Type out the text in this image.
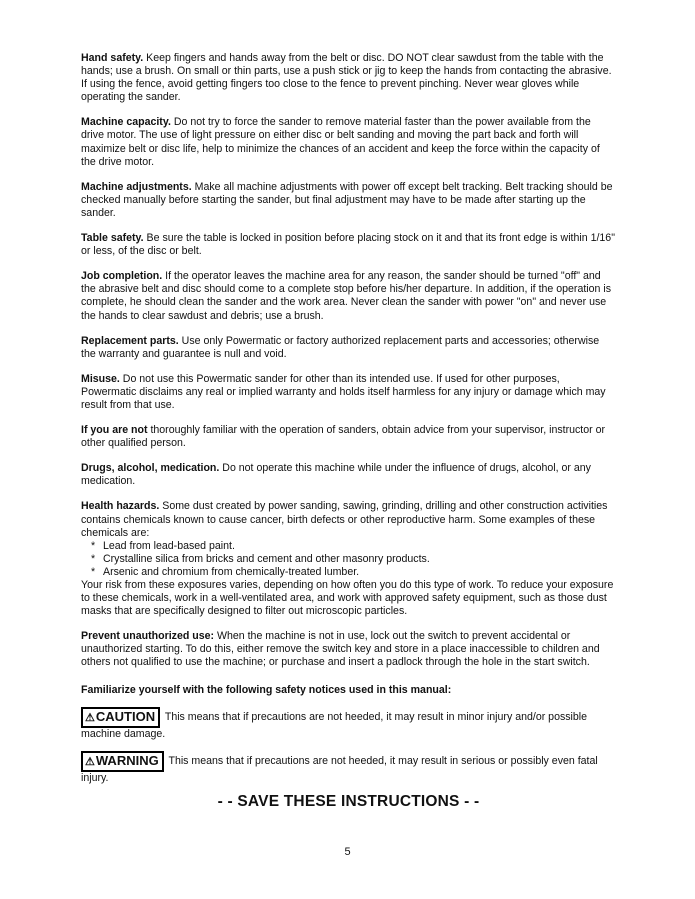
Hand safety. Keep fingers and hands away from the belt or disc. DO NOT clear sawdust from the table with the hands; use a brush. On small or thin parts, use a push stick or jig to keep the hands from contacting the abrasive. If using the fence, avoid getting fingers too close to the fence to prevent pinching. Never wear gloves while operating the sander.

Machine capacity. Do not try to force the sander to remove material faster than the power available from the drive motor. The use of light pressure on either disc or belt sanding and moving the part back and forth will maximize belt or disc life, help to minimize the chances of an accident and keep the force within the capacity of the drive motor.

Machine adjustments. Make all machine adjustments with power off except belt tracking. Belt tracking should be checked manually before starting the sander, but final adjustment may have to be made after starting up the sander.

Table safety. Be sure the table is locked in position before placing stock on it and that its front edge is within 1/16" or less, of the disc or belt.

Job completion. If the operator leaves the machine area for any reason, the sander should be turned "off" and the abrasive belt and disc should come to a complete stop before his/her departure. In addition, if the operation is complete, he should clean the sander and the work area. Never clean the sander with power "on" and never use the hands to clear sawdust and debris; use a brush.

Replacement parts. Use only Powermatic or factory authorized replacement parts and accessories; otherwise the warranty and guarantee is null and void.

Misuse. Do not use this Powermatic sander for other than its intended use. If used for other purposes, Powermatic disclaims any real or implied warranty and holds itself harmless for any injury or damage which may result from that use.

If you are not thoroughly familiar with the operation of sanders, obtain advice from your supervisor, instructor or other qualified person.

Drugs, alcohol, medication. Do not operate this machine while under the influence of drugs, alcohol, or any medication.

Health hazards. Some dust created by power sanding, sawing, grinding, drilling and other construction activities contains chemicals known to cause cancer, birth defects or other reproductive harm. Some examples of these chemicals are:
* Lead from lead-based paint.
* Crystalline silica from bricks and cement and other masonry products.
* Arsenic and chromium from chemically-treated lumber.
Your risk from these exposures varies, depending on how often you do this type of work. To reduce your exposure to these chemicals, work in a well-ventilated area, and work with approved safety equipment, such as those dust masks that are specifically designed to filter out microscopic particles.

Prevent unauthorized use: When the machine is not in use, lock out the switch to prevent accidental or unauthorized starting. To do this, either remove the switch key and store in a place inaccessible to children and others not qualified to use the machine; or purchase and insert a padlock through the hole in the start switch.

Familiarize yourself with the following safety notices used in this manual:
⚠CAUTION This means that if precautions are not heeded, it may result in minor injury and/or possible machine damage.
⚠WARNING This means that if precautions are not heeded, it may result in serious or possibly even fatal injury.
- - SAVE THESE INSTRUCTIONS - -
5
